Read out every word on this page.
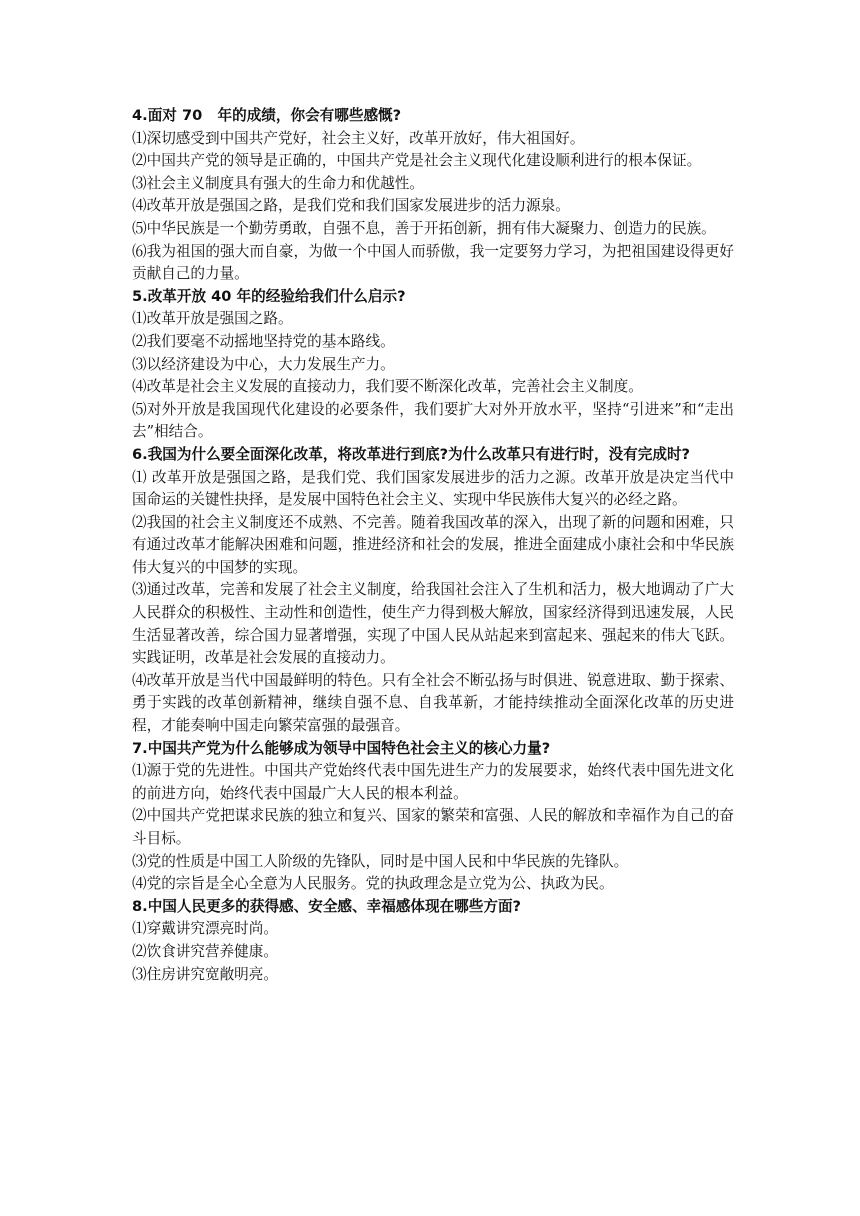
4.面对 70   年的成绩，你会有哪些感慨?

⑴深切感受到中国共产党好，社会主义好，改革开放好，伟大祖国好。

⑵中国共产党的领导是正确的，中国共产党是社会主义现代化建设顺利进行的根本保证。

⑶社会主义制度具有强大的生命力和优越性。

⑷改革开放是强国之路，是我们党和我们国家发展进步的活力源泉。

⑸中华民族是一个勤劳勇敢，自强不息，善于开拓创新，拥有伟大凝聚力、创造力的民族。

⑹我为祖国的强大而自豪，为做一个中国人而骄傲，我一定要努力学习，为把祖国建设得更好贡献自己的力量。

5.改革开放 40 年的经验给我们什么启示?

⑴改革开放是强国之路。

⑵我们要毫不动摇地坚持党的基本路线。

⑶以经济建设为中心，大力发展生产力。

⑷改革是社会主义发展的直接动力，我们要不断深化改革，完善社会主义制度。

⑸对外开放是我国现代化建设的必要条件，我们要扩大对外开放水平，坚持“引进来”和“走出去”相结合。

6.我国为什么要全面深化改革，将改革进行到底?为什么改革只有进行时，没有完成时?

⑴ 改革开放是强国之路，是我们党、我们国家发展进步的活力之源。改革开放是决定当代中国命运的关键性抉择，是发展中国特色社会主义、实现中华民族伟大复兴的必经之路。

⑵我国的社会主义制度还不成熟、不完善。随着我国改革的深入，出现了新的问题和困难，只有通过改革才能解决困难和问题，推进经济和社会的发展，推进全面建成小康社会和中华民族伟大复兴的中国梦的实现。

⑶通过改革，完善和发展了社会主义制度，给我国社会注入了生机和活力，极大地调动了广大人民群众的积极性、主动性和创造性，使生产力得到极大解放，国家经济得到迅速发展，人民生活显著改善，综合国力显著增强，实现了中国人民从站起来到富起来、强起来的伟大飞跃。实践证明，改革是社会发展的直接动力。

⑷改革开放是当代中国最鲜明的特色。只有全社会不断弘扬与时俱进、锐意进取、勤于探索、勇于实践的改革创新精神，继续自强不息、自我革新，才能持续推动全面深化改革的历史进程，才能奏响中国走向繁荣富强的最强音。

7.中国共产党为什么能够成为领导中国特色社会主义的核心力量?

⑴源于党的先进性。中国共产党始终代表中国先进生产力的发展要求，始终代表中国先进文化的前进方向，始终代表中国最广大人民的根本利益。

⑵中国共产党把谋求民族的独立和复兴、国家的繁荣和富强、人民的解放和幸福作为自己的奋斗目标。

⑶党的性质是中国工人阶级的先锋队，同时是中国人民和中华民族的先锋队。

⑷党的宗旨是全心全意为人民服务。党的执政理念是立党为公、执政为民。

8.中国人民更多的获得感、安全感、幸福感体现在哪些方面?

⑴穿戴讲究漂亮时尚。

⑵饮食讲究营养健康。

⑶住房讲究宽敞明亮。
